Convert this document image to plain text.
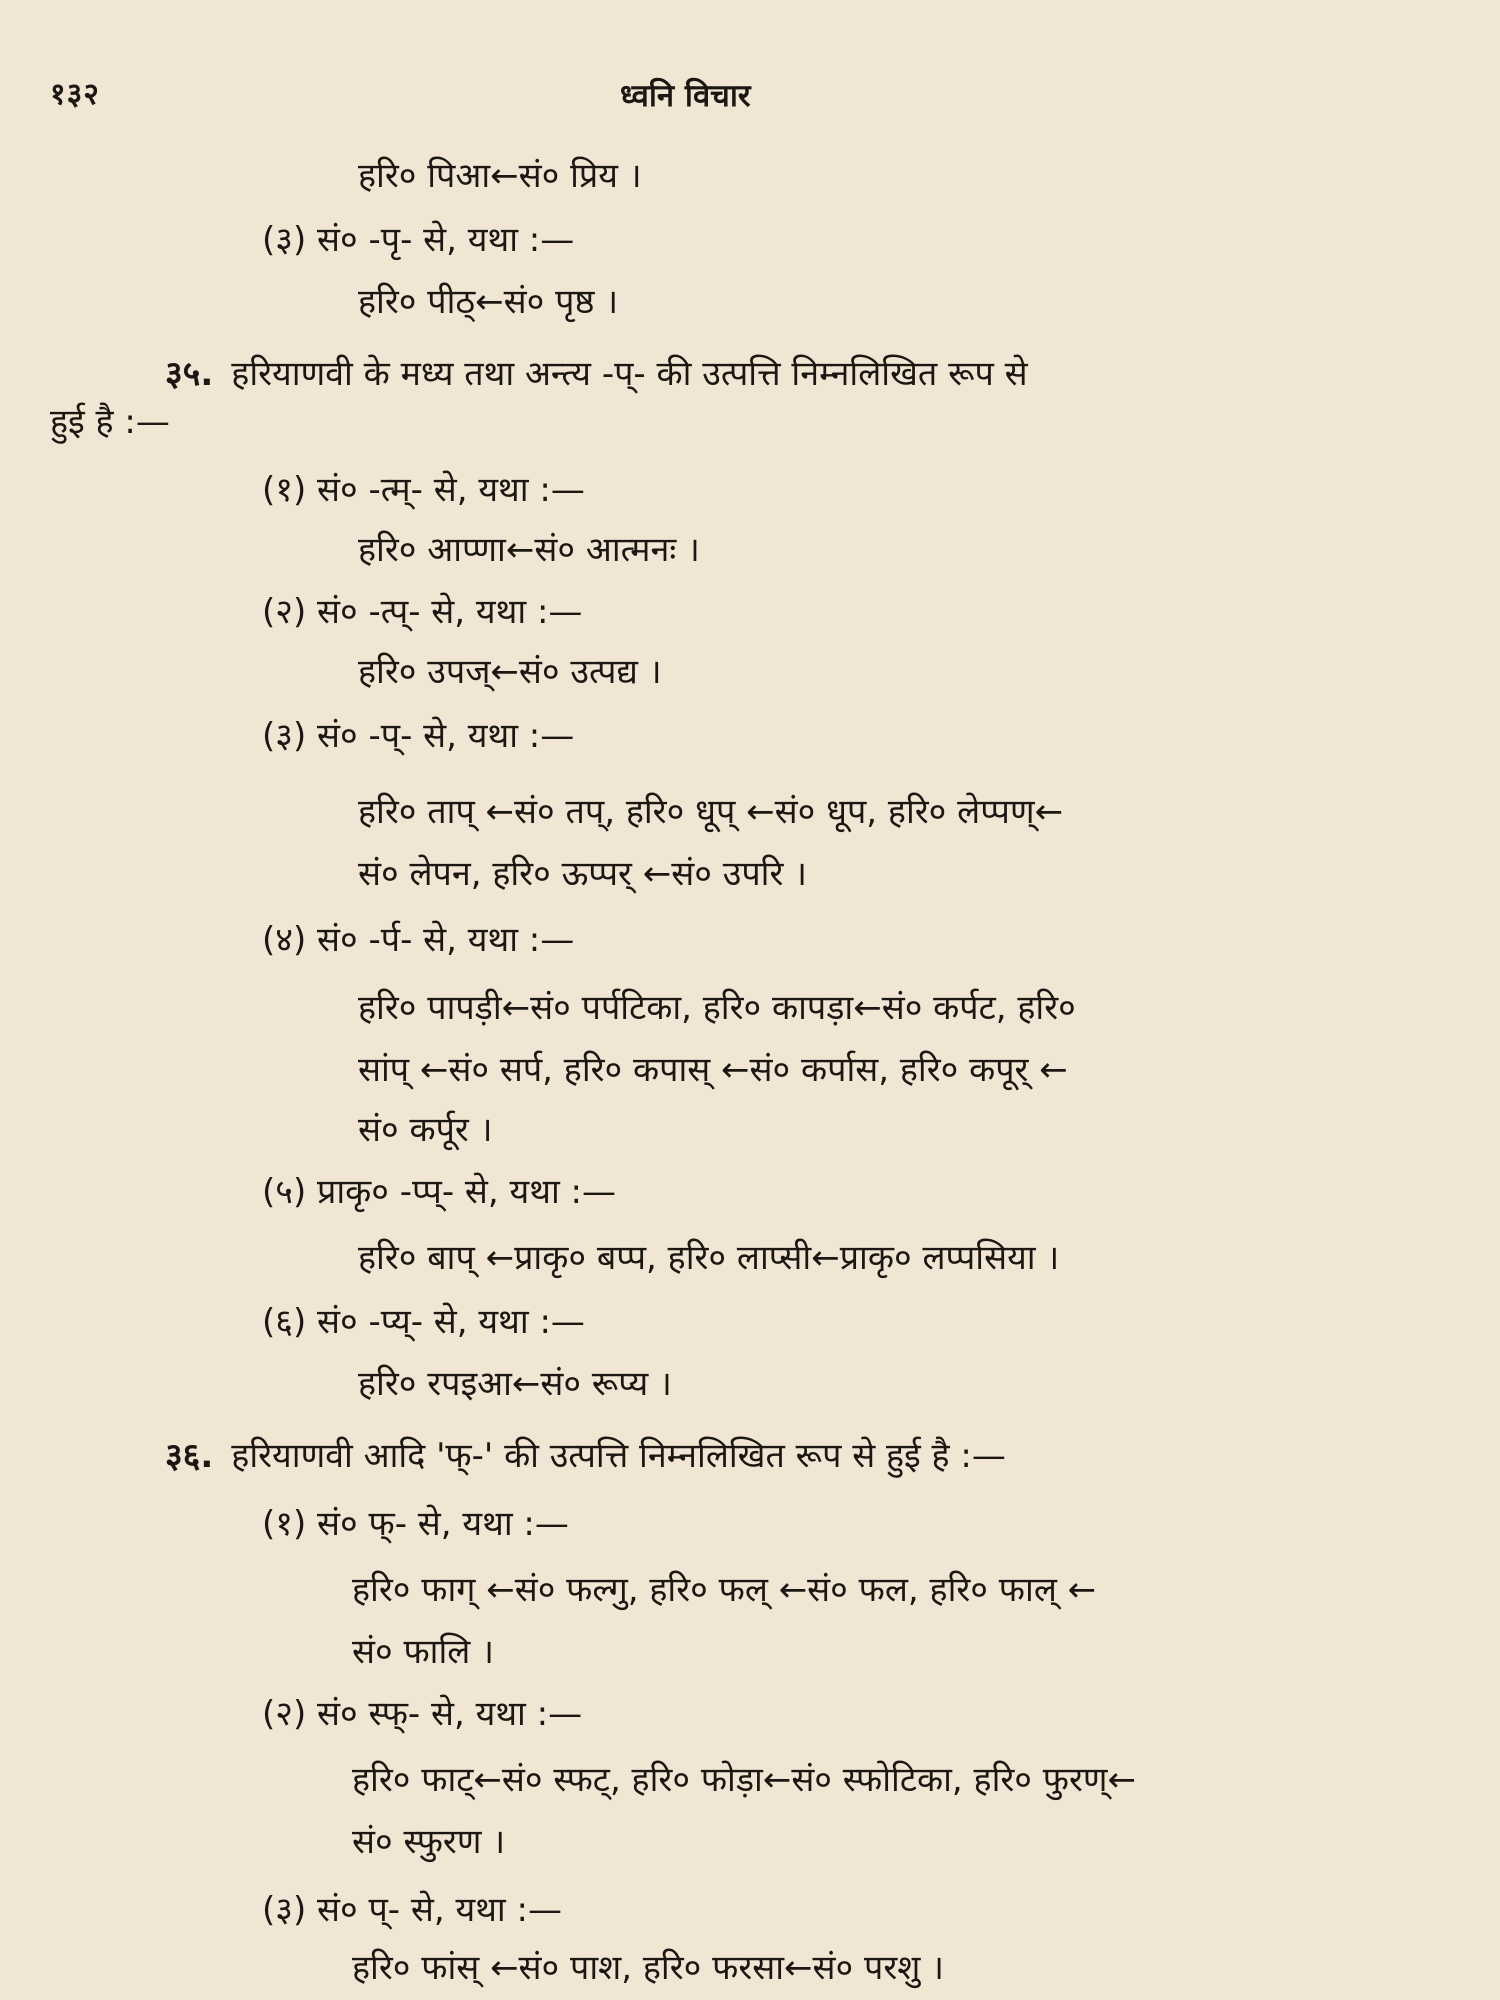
१३२	ध्वनि विचार
हरि० पिआ←सं० प्रिय ।
(३) सं० -पृ- से, यथा :—
हरि० पीठ्←सं० पृष्ठ ।
३५. हरियाणवी के मध्य तथा अन्त्य -प्- की उत्पत्ति निम्नलिखित रूप से
हुई है :—
(१) सं० -त्म्- से, यथा :—
हरि० आप्णा←सं० आत्मनः ।
(२) सं० -त्प्- से, यथा :—
हरि० उपज्←सं० उत्पद्य ।
(३) सं० -प्- से, यथा :—
हरि० ताप् ←सं० तप्, हरि० धूप् ←सं० धूप, हरि० लेप्पण्←
सं० लेपन, हरि० ऊप्पर् ←सं० उपरि ।
(४) सं० -र्प- से, यथा :—
हरि० पापड़ी←सं० पर्पटिका, हरि० कापड़ा←सं० कर्पट, हरि०
सांप् ←सं० सर्प, हरि० कपास् ←सं० कर्पास, हरि० कपूर् ←
सं० कर्पूर ।
(५) प्राकृ० -प्प्- से, यथा :—
हरि० बाप् ←प्राकृ० बप्प, हरि० लाप्सी←प्राकृ० लप्पसिया ।
(६) सं० -प्य्- से, यथा :—
हरि० रपइआ←सं० रूप्य ।
३६. हरियाणवी आदि 'फ्-' की उत्पत्ति निम्नलिखित रूप से हुई है :—
(१) सं० फ्- से, यथा :—
हरि० फाग् ←सं० फल्गु, हरि० फल् ←सं० फल, हरि० फाल् ←
सं० फालि ।
(२) सं० स्फ्- से, यथा :—
हरि० फाट्←सं० स्फट्, हरि० फोड़ा←सं० स्फोटिका, हरि० फुरण्←
सं० स्फुरण ।
(३) सं० प्- से, यथा :—
हरि० फांस् ←सं० पाश, हरि० फरसा←सं० परशु ।
